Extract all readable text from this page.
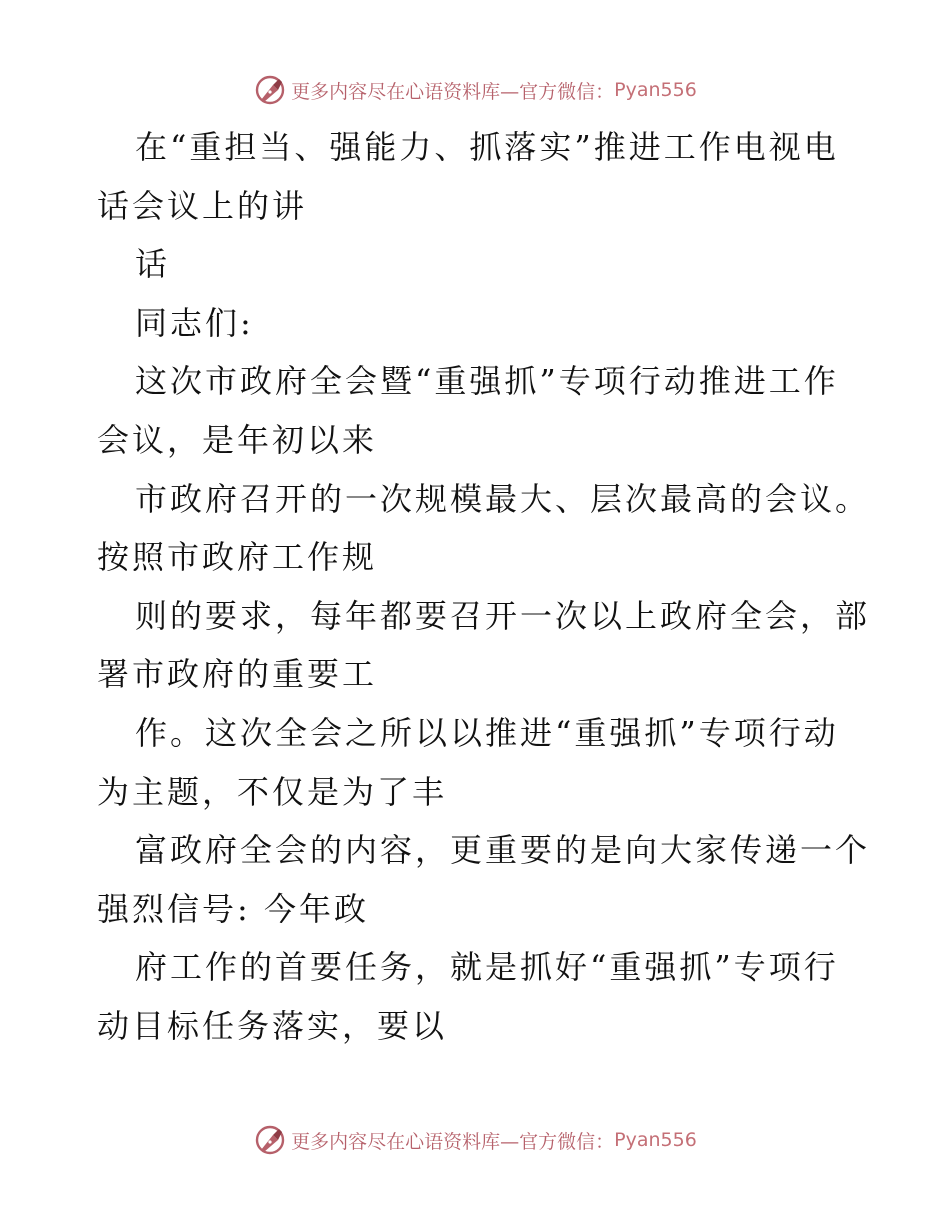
更多内容尽在心语资料库—官方微信： Pyan556
在“重担当、强能力、抓落实”推进工作电视电
话会议上的讲
话
同志们:
这次市政府全会暨“重强抓”专项行动推进工作
会议，是年初以来
市政府召开的一次规模最大、层次最高的会议。
按照市政府工作规
则的要求，每年都要召开一次以上政府全会，部
署市政府的重要工
作。这次全会之所以以推进“重强抓”专项行动
为主题，不仅是为了丰
富政府全会的内容，更重要的是向大家传递一个
强烈信号: 今年政
府工作的首要任务，就是抓好“重强抓”专项行
动目标任务落实，要以
更多内容尽在心语资料库—官方微信： Pyan556
